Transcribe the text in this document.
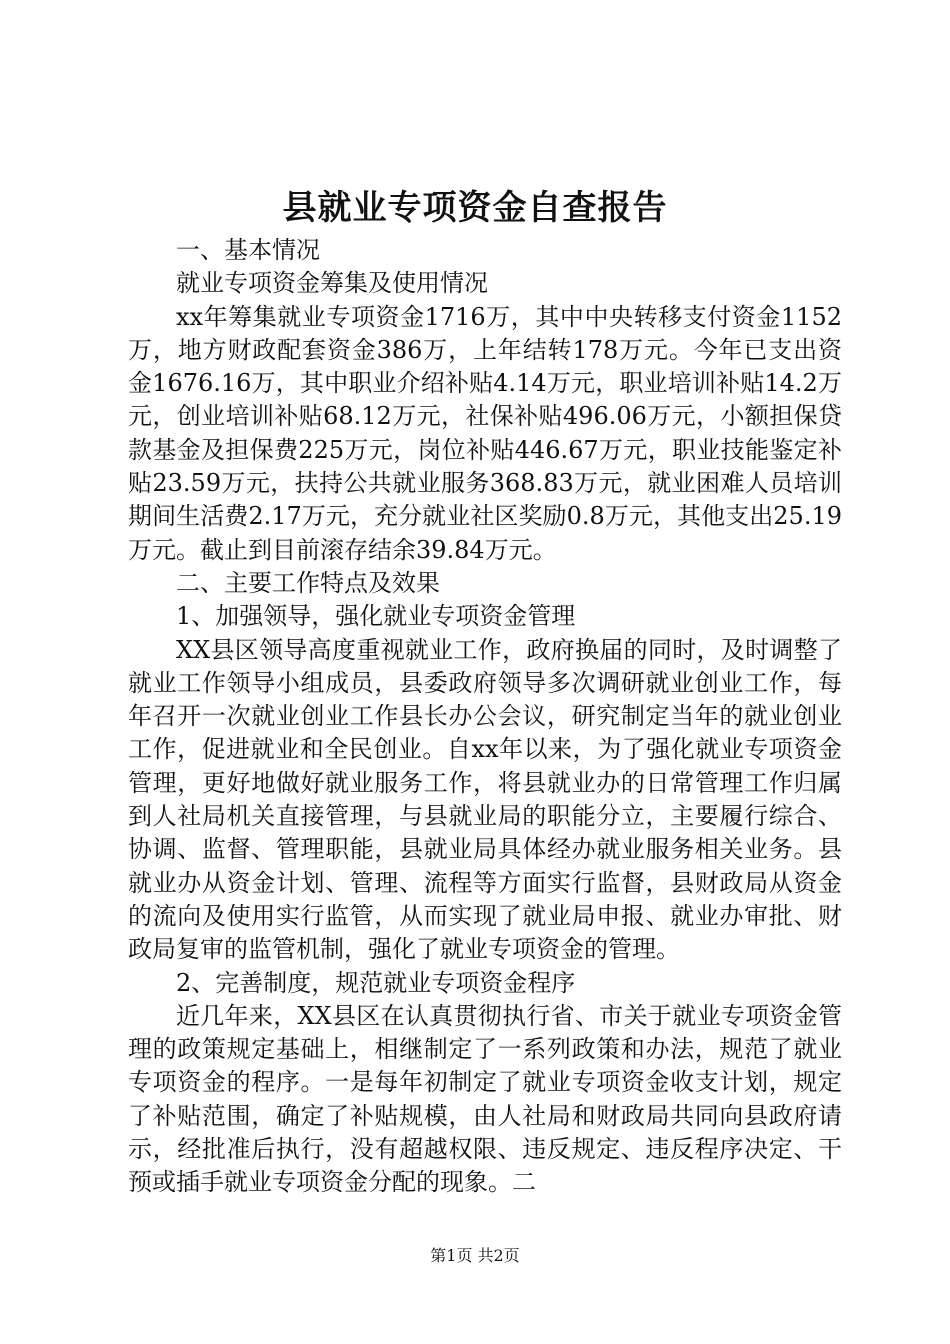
县就业专项资金自查报告

一、基本情况

就业专项资金筹集及使用情况

xx年筹集就业专项资金1716万，其中中央转移支付资金1152万，地方财政配套资金386万，上年结转178万元。今年已支出资金1676.16万，其中职业介绍补贴4.14万元，职业培训补贴14.2万元，创业培训补贴68.12万元，社保补贴496.06万元，小额担保贷款基金及担保费225万元，岗位补贴446.67万元，职业技能鉴定补贴23.59万元，扶持公共就业服务368.83万元，就业困难人员培训期间生活费2.17万元，充分就业社区奖励0.8万元，其他支出25.19万元。截止到目前滚存结余39.84万元。

二、主要工作特点及效果

1、加强领导，强化就业专项资金管理

XX县区领导高度重视就业工作，政府换届的同时，及时调整了就业工作领导小组成员，县委政府领导多次调研就业创业工作，每年召开一次就业创业工作县长办公会议，研究制定当年的就业创业工作，促进就业和全民创业。自xx年以来，为了强化就业专项资金管理，更好地做好就业服务工作，将县就业办的日常管理工作归属到人社局机关直接管理，与县就业局的职能分立，主要履行综合、协调、监督、管理职能，县就业局具体经办就业服务相关业务。县就业办从资金计划、管理、流程等方面实行监督，县财政局从资金的流向及使用实行监管，从而实现了就业局申报、就业办审批、财政局复审的监管机制，强化了就业专项资金的管理。

2、完善制度，规范就业专项资金程序

近几年来，XX县区在认真贯彻执行省、市关于就业专项资金管理的政策规定基础上，相继制定了一系列政策和办法，规范了就业专项资金的程序。一是每年初制定了就业专项资金收支计划，规定了补贴范围，确定了补贴规模，由人社局和财政局共同向县政府请示，经批准后执行，没有超越权限、违反规定、违反程序决定、干预或插手就业专项资金分配的现象。二

第1页 共2页
